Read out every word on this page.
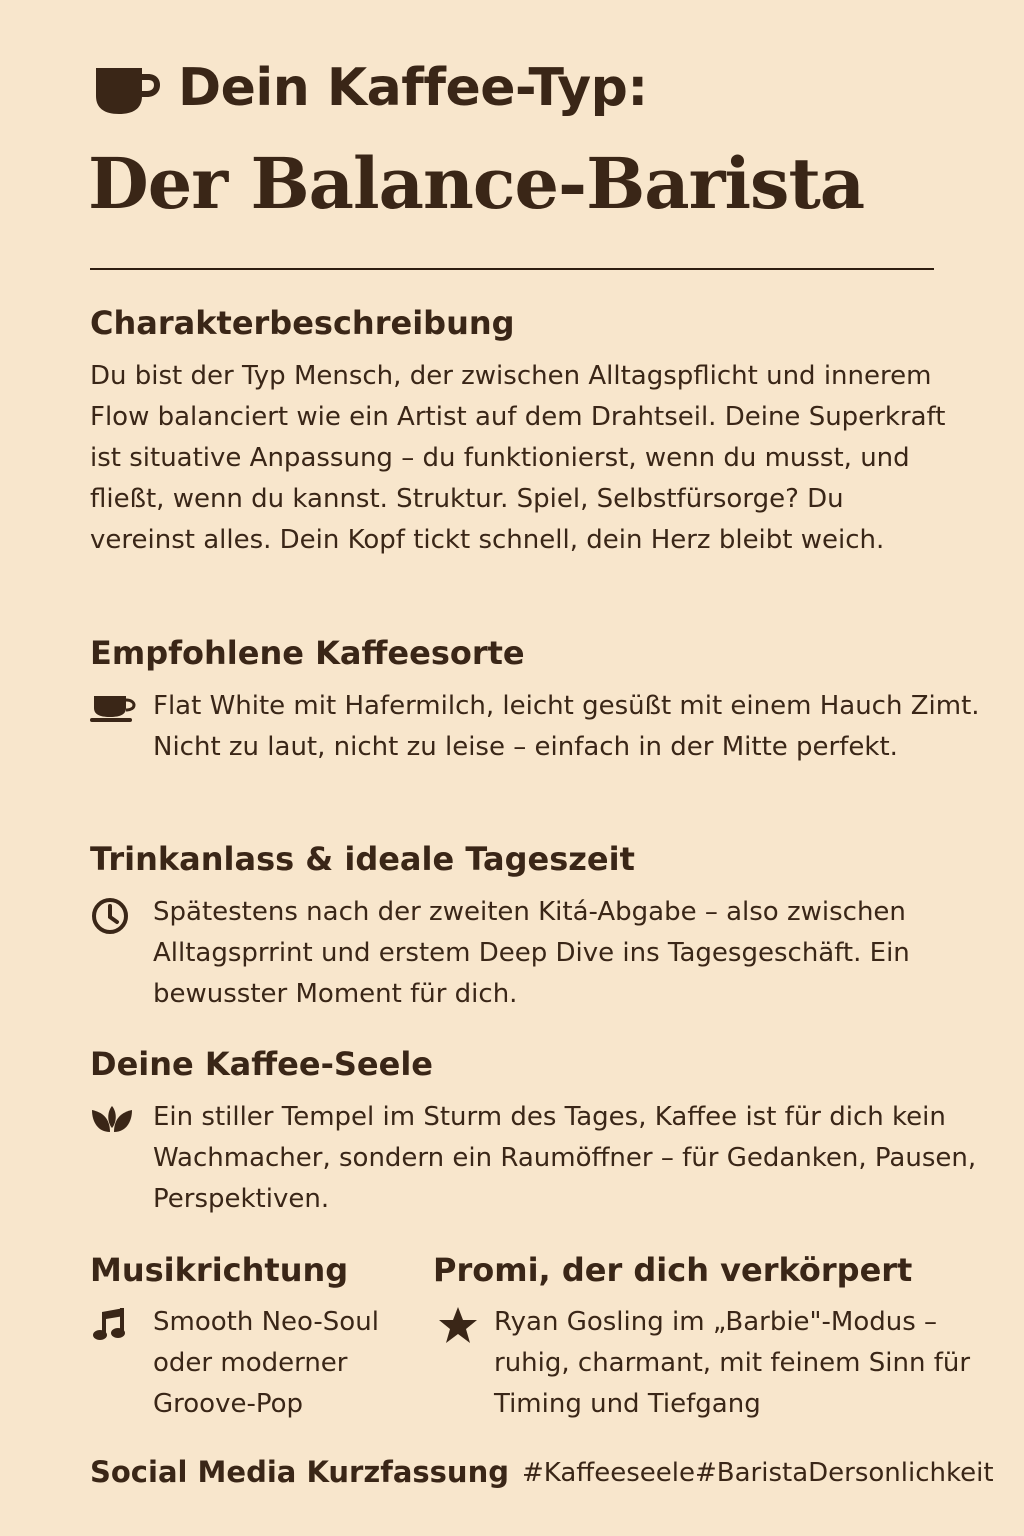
Dein Kaffee-Typ:
Der Balance-Barista
Charakterbeschreibung

Du bist der Typ Mensch, der zwischen Alltagspflicht und innerem Flow balanciert wie ein Artist auf dem Drahtseil. Deine Superkraft ist situative Anpassung – du funktionierst, wenn du musst, und fließt, wenn du kannst. Struktur. Spiel, Selbstfürsorge? Du vereinst alles. Dein Kopf tickt schnell, dein Herz bleibt weich.

Empfohlene Kaffeesorte

Flat White mit Hafermilch, leicht gesüßt mit einem Hauch Zimt. Nicht zu laut, nicht zu leise – einfach in der Mitte perfekt.

Trinkanlass & ideale Tageszeit

Spätestens nach der zweiten Kitá-Abgabe – also zwischen Alltagsprrint und erstem Deep Dive ins Tagesgeschäft. Ein bewusster Moment für dich.

Deine Kaffee-Seele

Ein stiller Tempel im Sturm des Tages, Kaffee ist für dich kein Wachmacher, sondern ein Raumöffner – für Gedanken, Pausen, Perspektiven.

Musikrichtung

Smooth Neo-Soul oder moderner Groove-Pop

Promi, der dich verkörpert

Ryan Gosling im „Barbie"-Modus – ruhig, charmant, mit feinem Sinn für Timing und Tiefgang

Social Media Kurzfassung #Kaffeeseele #BaristaDersonlichkeit
